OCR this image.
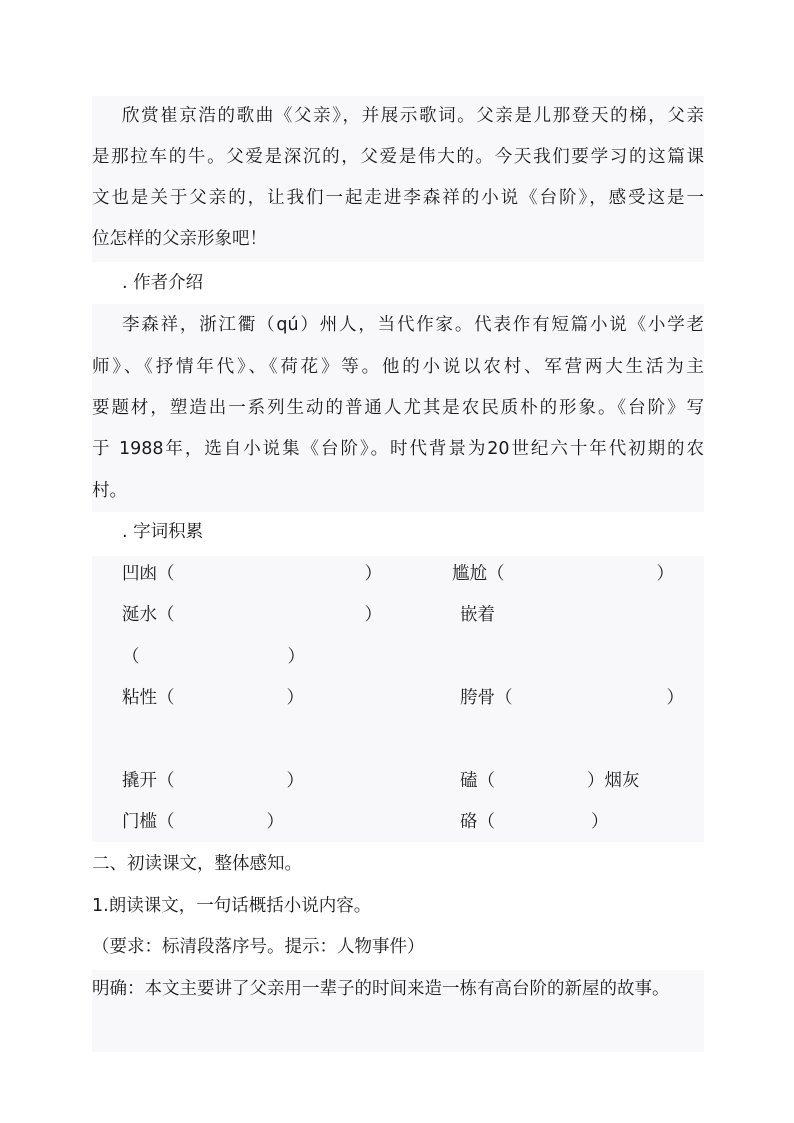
欣赏崔京浩的歌曲《父亲》，并展示歌词。父亲是儿那登天的梯，父亲
是那拉车的牛。父爱是深沉的，父爱是伟大的。今天我们要学习的这篇课
文也是关于父亲的，让我们一起走进李森祥的小说《台阶》，感受这是一
位怎样的父亲形象吧！
. 作者介绍
李森祥，浙江衢（qú）州人，当代作家。代表作有短篇小说《小学老
师》、《抒情年代》、《荷花》等。他的小说以农村、军营两大生活为主
要题材，塑造出一系列生动的普通人尤其是农民质朴的形象。《台阶》写
于 1988年，选自小说集《台阶》。时代背景为20世纪六十年代初期的农
村。
. 字词积累
凹凼（	）	尴尬（	）
涎水（	）	嵌着
（	）
粘性（	）	胯骨（	）
撬开（	）	磕（	）烟灰
门槛（	）	硌（	）
二、初读课文，整体感知。
1.朗读课文，一句话概括小说内容。
（要求：标清段落序号。提示：人物事件）
明确：本文主要讲了父亲用一辈子的时间来造一栋有高台阶的新屋的故事。
